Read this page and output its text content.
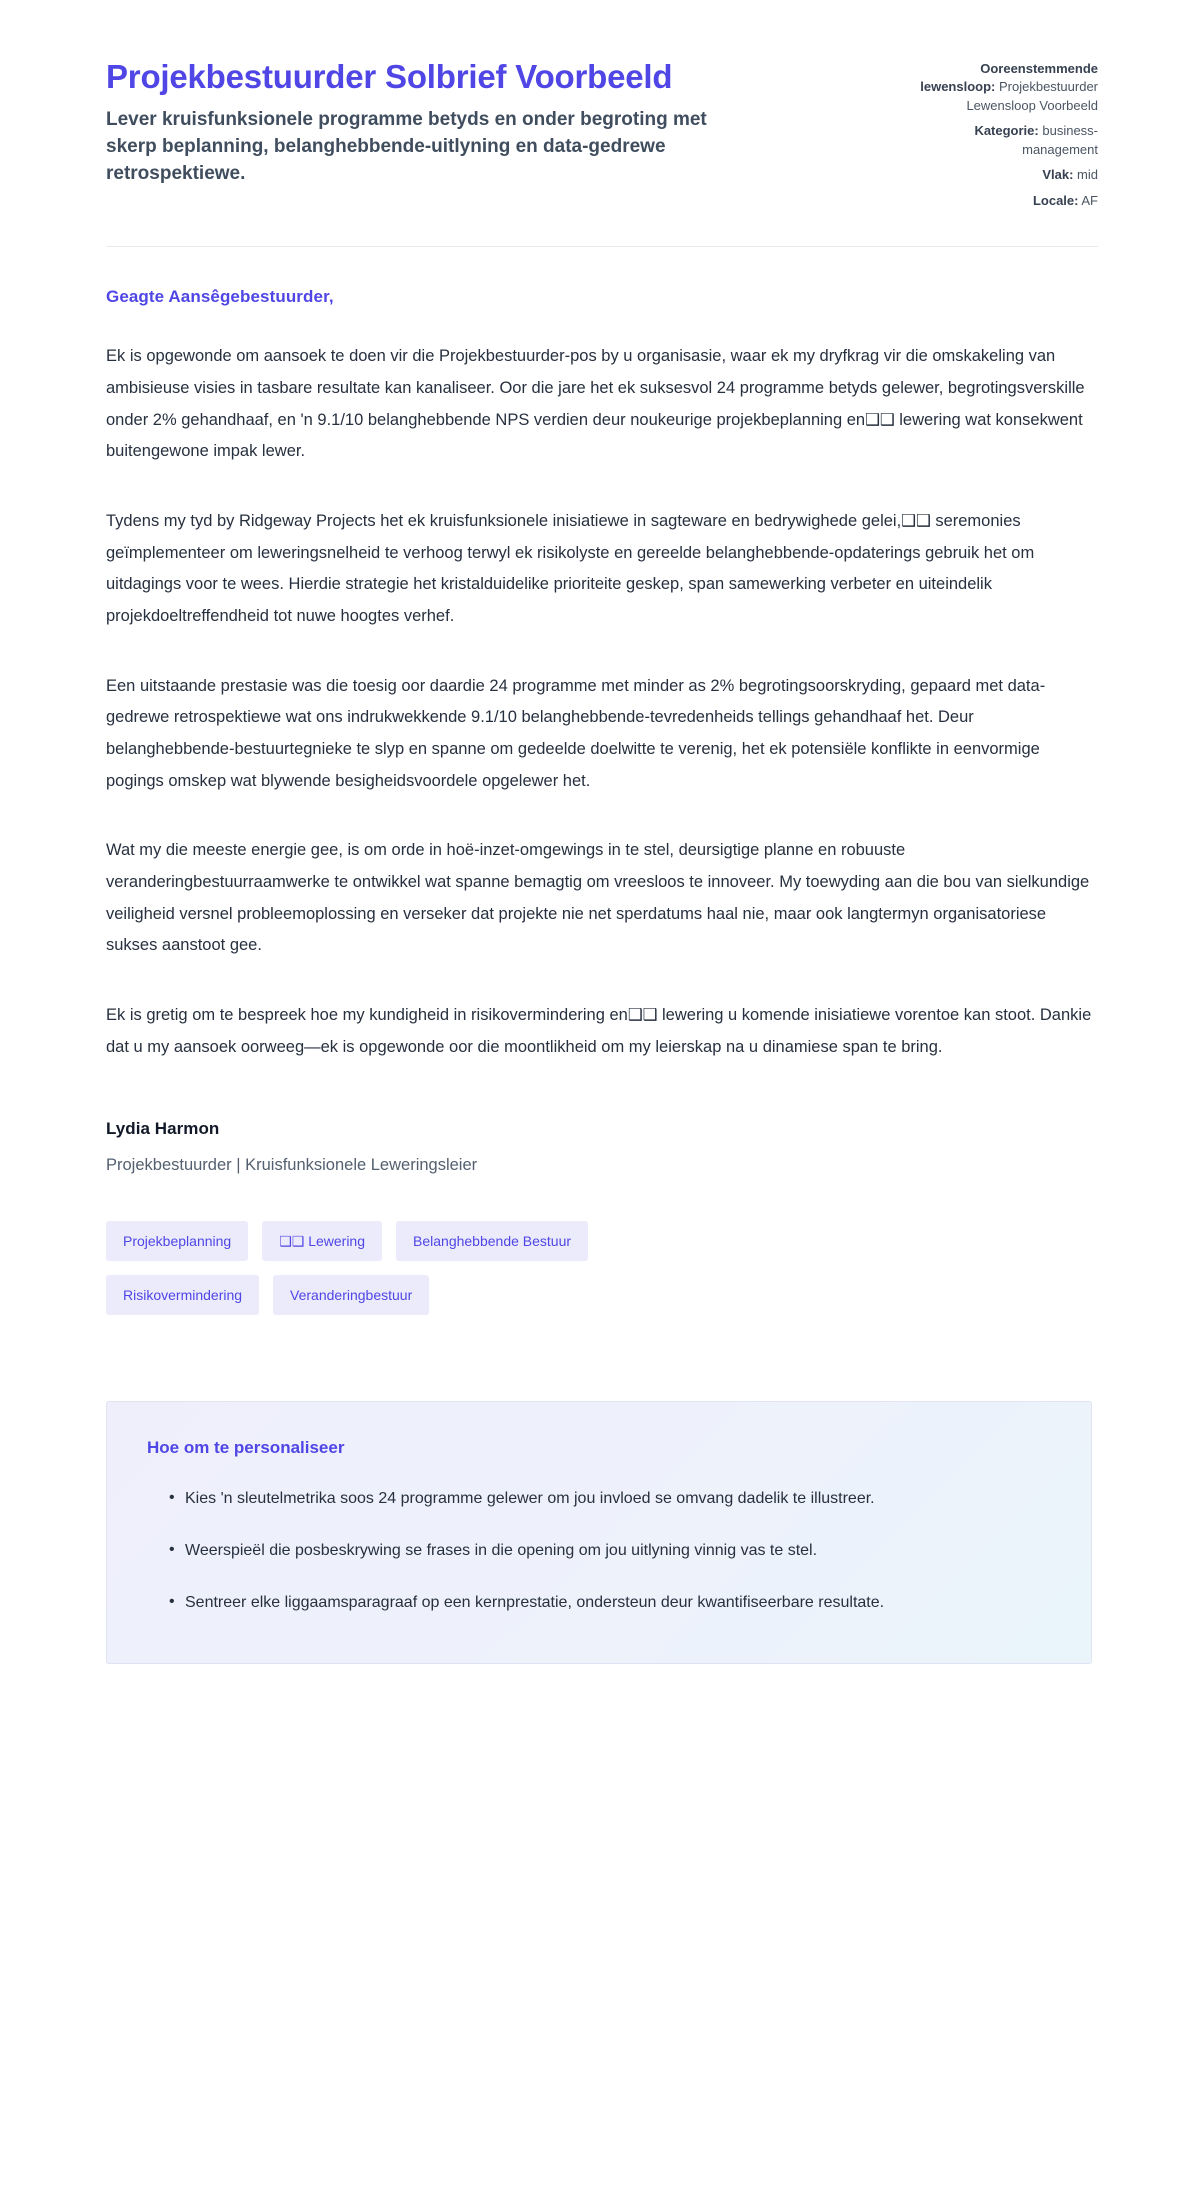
Projekbestuurder Solbrief Voorbeeld

Lever kruisfunksionele programme betyds en onder begroting met skerp beplanning, belanghebbende-uitlyning en data-gedrewe retrospektiewe.

Ooreenstemmende lewensloop: Projekbestuurder Lewensloop Voorbeeld
Kategorie: business-management
Vlak: mid
Locale: AF

Geagte Aansêgebestuurder,

Ek is opgewonde om aansoek te doen vir die Projekbestuurder-pos by u organisasie, waar ek my dryfkrag vir die omskakeling van ambisieuse visies in tasbare resultate kan kanaliseer. Oor die jare het ek suksesvol 24 programme betyds gelewer, begrotingsverskille onder 2% gehandhaaf, en 'n 9.1/10 belanghebbende NPS verdien deur noukeurige projekbeplanning en❑❑ lewering wat konsekwent buitengewone impak lewer.

Tydens my tyd by Ridgeway Projects het ek kruisfunksionele inisiatiewe in sagteware en bedrywighede gelei,❑❑ seremonies geïmplementeer om leweringsnelheid te verhoog terwyl ek risikolyste en gereelde belanghebbende-opdaterings gebruik het om uitdagings voor te wees. Hierdie strategie het kristalduidelike prioriteite geskep, span samewerking verbeter en uiteindelik projekdoeltreffendheid tot nuwe hoogtes verhef.

Een uitstaande prestasie was die toesig oor daardie 24 programme met minder as 2% begrotingsoorskryding, gepaard met data-gedrewe retrospektiewe wat ons indrukwekkende 9.1/10 belanghebbende-tevredenheids tellings gehandhaaf het. Deur belanghebbende-bestuurtegnieke te slyp en spanne om gedeelde doelwitte te verenig, het ek potensiële konflikte in eenvormige pogings omskep wat blywende besigheidsvoordele opgelewer het.

Wat my die meeste energie gee, is om orde in hoë-inzet-omgewings in te stel, deursigtige planne en robuuste veranderingbestuurraamwerke te ontwikkel wat spanne bemagtig om vreesloos te innoveer. My toewyding aan die bou van sielkundige veiligheid versnel probleemoplossing en verseker dat projekte nie net sperdatums haal nie, maar ook langtermyn organisatoriese sukses aanstoot gee.

Ek is gretig om te bespreek hoe my kundigheid in risikovermindering en❑❑ lewering u komende inisiatiewe vorentoe kan stoot. Dankie dat u my aansoek oorweeg—ek is opgewonde oor die moontlikheid om my leierskap na u dinamiese span te bring.

Lydia Harmon

Projekbestuurder | Kruisfunksionele Leweringsleier

Projekbeplanning	❑❑ Lewering	Belanghebbende Bestuur
Risikovermindering	Veranderingbestuur
Hoe om te personaliseer
• Kies 'n sleutelmetrika soos 24 programme gelewer om jou invloed se omvang dadelik te illustreer.
• Weerspieël die posbeskrywing se frases in die opening om jou uitlyning vinnig vas te stel.
• Sentreer elke liggaamsparagraaf op een kernprestatie, ondersteun deur kwantifiseerbare resultate.
